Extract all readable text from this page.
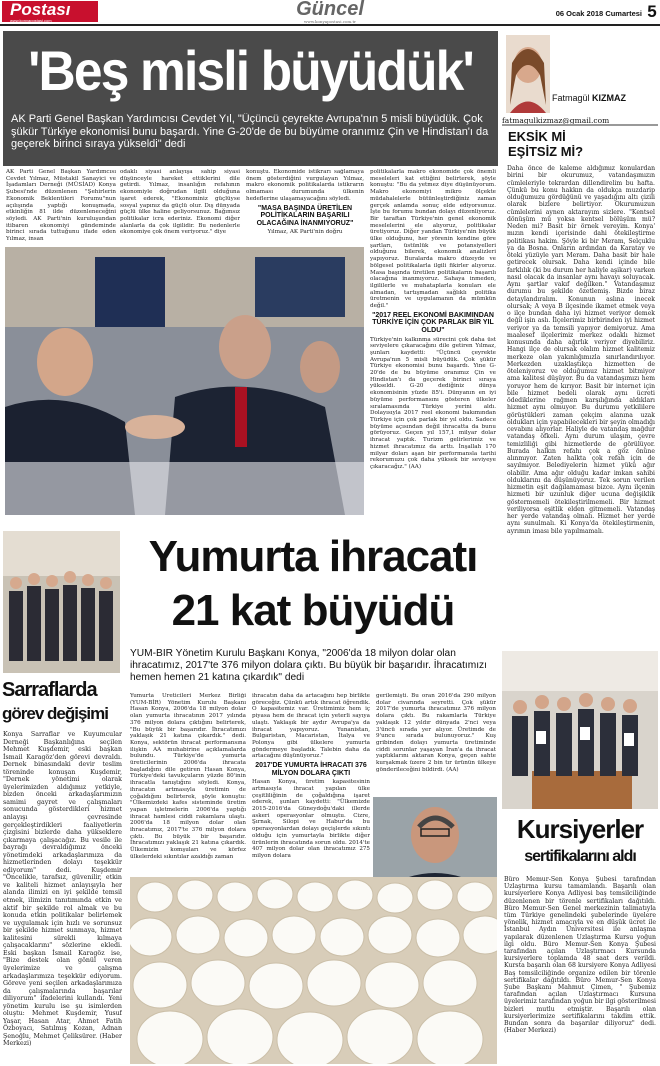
Postası
www.konyapostasi.com
Güncel
www.konyapostasi.com.tr
06 Ocak 2018 Cumartesi 5
'Beş misli büyüdük'
AK Parti Genel Başkan Yardımcısı Cevdet Yıl, "Üçüncü çeyrekte Avrupa'nın 5 misli büyüdük. Çok şükür Türkiye ekonomisi bunu başardı. Yine G-20'de de bu büyüme oranımız Çin ve Hindistan'ı da geçerek birinci sıraya yükseldi" dedi

AK Parti Genel Başkan Yardımcısı Cevdet Yılmaz, Müstakil Sanayici ve İşadamları Derneği (MÜSİAD) Konya Şubesi'nde düzenlenen "Şehirlerin Ekonomik Beklentileri Forumu"nun açılışında yaptığı konuşmada, etkinliğin 81 ilde düzenleneceğini söyledi. AK Parti'nin kuruluşundan itibaren ekonomiyi gündeminde birinci sırada tuttuğunu ifade eden Yılmaz, insan

odaklı siyasi anlayışa sahip siyasi düşünceyle hareket ettiklerini dile getirdi. Yılmaz, insanlığın refahının ekonomiyle doğrudan ilgili olduğuna işaret ederek, "Ekonominiz güçlüyse sosyal yapınız da güçlü olur. Dış dünyada güçlü ülke haline geliyorsunuz. Bağımsız politikalar icra ederiniz. Ekonomi diğer alanlarla da çok ilgilidir. Bu nedenlerle ekonomiye çok önem veriyoruz." diye

konuştu. Ekonomide istikrarı sağlamaya önem gösterdiğini vurgulayan Yılmaz, makro ekonomik politikalarda istikrarın olmaması durumunda ülkenin hedeflerine ulaşamayacağını söyledi.

"MASA BAŞINDA ÜRETİLEN POLİTİKALARIN BAŞARILI OLACAĞINA İNANMIYORUZ"

Yılmaz, AK Parti'nin doğru

politikalarla makro ekonomide çok önemli meseleleri kat ettiğini belirterek, şöyle konuştu: "Bu da yetmez diye düşünüyorum. Makro ekonomiyi mikro ölçekte müdahalelerle bütünleştirdiğiniz zaman gerçek anlamda sonuç elde ediyorsunuz. İşte bu forumu bundan dolayı düzenliyoruz. Bir taraftan Türkiye'nin genel ekonomik meselelerini ele alıyoruz, politikalar üretiyoruz. Diğer yandan Türkiye'nin büyük ülke olduğunu, her yörenin kendine göre şartları, üstünlük ve potansiyelleri olduğunu bilerek, ekonomik analizleri yapıyoruz. Buralarda makro düzeyde ve bölgesel politikalarla ilgili fikirler alıyoruz. Masa başında üretilen politikaların başarılı olacağına inanmıyoruz. Sahaya inmeden, ilgililerle ve muhataplarla konuları ele almadan, tartışmadan sağlıklı politika üretmenin ve uygulamanın da mümkün değil."

"2017 REEL EKONOMİ BAKIMINDAN TÜRKİYE İÇİN ÇOK PARLAK BİR YIL OLDU"

Türkiye'nin kalkınma sürecini çok daha üst seviyelere çıkaracağını dile getiren Yılmaz, şunları kaydetti: "Üçüncü çeyrekte Avrupa'nın 5 misli büyüdük. Çok şükür Türkiye ekonomisi bunu başardı. Yine G-20'de de bu büyüme oranımız Çin ve Hindistan'ı da geçerek birinci sıraya yükseldi. G-20 dediğiniz dünya ekonomisinin yüzde 85'i. Dünyanın en iyi büyüme performansını gösteren ülkeler sıralamasında Türkiye yerini aldı. Dolayısıyla 2017 reel ekonomi bakımından Türkiye için çok parlak bir yıl oldu. Sadece büyüme açısından değil ihracatta da bunu görüyoruz. Geçen yıl 157,1 milyar dolar ihracat yaptık. Turizm gelirlerimiz ve hizmet ihracatımız da arttı. İnşallah 170 milyar doları aşan bir performansla tarihi rekorumuzu çok daha yüksek bir seviyeye çıkaracağız." (AA)

Fatmagül KIZMAZ
fatmagulkizmaz@gmail.com
EKSİK Mİ
EŞİTSİZ Mİ?
Daha önce de kaleme aldığımız konulardan birini bir okurumuz, vatandaşımızın cümleleriyle tekrardan dillendirelim bu hafta. Çünkü bu konu hakkın da oldukça muzdarip olduğumuzu gördüğünü ve yaşadığını altı çizili olarak bizlere belirtiyor. Okurumuzun cümlelerini aynen aktarayım sizlere. "Kentsel dönüşüm mü yoksa kentsel bölüşüm mü? Neden mi? Basit bir örnek vereyim. Konya' mızın kendi içerisinde dahi ötekileştirme politikası hakim. Şöyle ki bir Meram, Selçuklu ya da Bosna. Onların ardından da Karatay ve öteki yüzüyle yarı Meram. Daha basit bir hale getirecek olursak. Daha kendi içinde bile farklılık (ki bu durum her haliyle aşikar) varken nasıl olacak da insanlar aynı havayı soluyacak. Aynı şartlar vakıf değilken." Vatandaşımız durumu bu şekilde özetlemiş. Bizde biraz detaylandıralım. Konunun aslına inecek olursak; A veya B ilçesinde ikamet etmek veya o ilçe bundan daha iyi hizmet veriyor demek değil işin aslı. İlçelerimiz birbirinden iyi hizmet veriyor ya da temsili yapıyor demiyoruz. Ama maalesef ilçelerimiz merkez odaklı hizmet konusunda daha ağırlık veriyor diyebiliriz. Hangi ilçe de olursak olalım hizmet kalitemiz merkeze olan yakınlığımızla sınırlandırılıyor. Merkezden uzaklaştıkça hizmetten de öteleniyoruz ve olduğumuz hizmet bitmiyor ama kalitesi düşüyor. Bu da vatandaşımızı hem yoruyor hem de kırıyor. Basit bir internet için bile hizmet bedeli olarak aynı ücreti ödediklerine rağmen karşılığında aldıkları hizmet aynı olmuyor. Bu durumu yetkililere görüştükleri zaman çekçim alanına uzak oldukları için yapabilecekleri bir şeyin olmadığı cevabını alıyorlar. Haliyle de vatandaş mağdur vatandaş öfkeli. Aynı durum ulaşım, çevre temizliliği gibi hizmetlerde de görülüyor. Burada halkın refahı çok a göz önüne alınmıyor. Zaten halkta çok refah için de sayılmıyor. Belediyelerin hizmet yükü ağır olabilir. Ama ağır olduğu kadar imkan sahibi olduklarını da düşünüyoruz. Tek sorun verilen hizmetin eşit dağılamaması bizce. Aynı ilçenin hizmeti bir uzunluk diğer ucuna değişiklik göstermemeli ötekileştirilmemeli. Bir hizmet veriliyorsa eşitlik elden gitmemeli. Vatandaş her yerde vatandaş olmalı. Hizmet her yerde aynı sunulmalı. Ki Konya'da ötekileştirmenin, ayrımın iması bile yapılmamalı.
Sarraflarda
görev değişimi
Konya Sarraflar ve Kuyumcular Derneği Başkanlığına seçilen Mehmet Kuşdemir, eski başkan İsmail Karagöz'den görevi devraldı. Dernek binasındaki devir teslim töreninde konuşan Kuşdemir, "Dernek yönetimi olarak üyelerimizden aldığımız yetkiyle, bizden önceki arkadaşlarımızın samimi gayret ve çalışmaları sonucunda gösterdikleri hizmet anlayışı çevresinde gerçekleştirdikleri faaliyetlerin çizgisini bizlerde daha yükseklere çıkarmaya çalışacağız. Bu vesile ile bayrağı devraldığımız önceki yönetimdeki arkadaşlarımıza da hizmetlerinden dolayı teşekkür ediyorum" dedi. Kuşdemir "Öncelikle, tarafsız, güvenilir, etkin ve kaliteli hizmet anlayışıyla her alanda ilimizi en iyi şekilde temsil etmek, ilimizin tanıtımında etkin ve aktif bir şekilde rol almak ve bu konuda etkin politikalar belirlemek ve uygulamak için hızlı ve sorunsuz bir şekilde hizmet sunmaya, hizmet kalitesini sürekli kılmaya çalışacaklarını" sözlerine ekledi. Eski başkan İsmail Karagöz ise, "Bize destek olan gönül veren üyelerimize ve çalışma arkadaşlarımıza teşekkür ediyorum. Göreve yeni seçilen arkadaşlarımıza da çalışmalarında başarılar diliyorum" ifadelerini kullandı. Yeni yönetim kurulu ise şu isimlerden oluştu: Mehmet Kuşdemir, Yusuf Yaşar, Hasan Atar, Ahmet Fatih Özboyacı, Satılmış Kozan, Adnan Şenoğlu, Mehmet Çeliksürer. (Haber Merkezi)
Yumurta ihracatı
21 kat büyüdü
YUM-BİR Yönetim Kurulu Başkanı Konya, "2006'da 18 milyon dolar olan ihracatımız, 2017'te 376 milyon dolara çıktı. Bu büyük bir başarıdır. İhracatımızı hemen hemen 21 katına çıkardık" dedi
Yumurta Üreticileri Merkez Birliği (YUM-BİR) Yönetim Kurulu Başkanı Hasan Konya, 2006'da 18 milyon dolar olan yumurta ihracatının 2017 yılında 376 milyon dolara çıktığını belirterek, "Bu büyük bir başarıdır. İhracatımızı yaklaşık 21 katına çıkardık." dedi. Konya, sektörün ihracat performansına ilişkin AA muhabirine açıklamalarda bulundu. Türkiye'de yumurta üreticilerinin 2006'da ihracata başladığını dile getiren Hasan Konya, Türkiye'deki tavukçuların yüzde 80'inin ihracatla tanıştığını söyledi. Konya, ihracatın artmasıyla üretimin de çoğaldığını belirterek, şöyle konuştu: "Ülkemizdeki kafes sisteminde üretim yapan işletmelerin 2006'da yaptığı ihracat hamlesi ciddi rakamlara ulaştı. 2006'da 18 milyon dolar olan ihracatımız, 2017'te 376 milyon dolara çıktı. Bu büyük bir başarıdır. İhracatımızı yaklaşık 21 katına çıkardık. Ülkemizin komşuları ve körfez ülkelerdeki sıkıntılar azaldığı zaman

ihracatın daha da artacağını hep birlikte göreceğiz. Çünkü artık ihracat öğrendik. O kapasitemiz var. Üretimimiz hem iç piyasa hem de ihracat için yeterli sayıya ulaştı. Yaklaşık bir aydır Avrupa'ya da ihracat yapıyoruz. Yunanistan, Bulgaristan, Macaristan, İtalya ve Polonya gibi ülkelere yumurta göndermeye başladık. Talebin daha da artacağını düşünüyoruz."

2017'DE YUMURTA İHRACATI 376 MİLYON DOLARA ÇIKTI

Hasan Konya, üretim kapasitesinin artmasıyla ihracat yapılan ülke çeşitliliğinin de çoğaldığına işaret ederek, şunları kaydetti: "Ülkemizde 2015-2016'da Güneydoğu'daki illerde askeri operasyonlar olmuştu. Cizre, Şırnak, Silopi ve Habur'da bu operasyonlardan dolayı geçişlerde sıkıntı olduğu için yumurtayla birlikte diğer ürünlerin ihracatında sorun oldu. 2014'te 407 milyon dolar olan ihracatımız 275 milyon dolara

gerilemişti. Bu oran 2016'da 290 milyon dolar civarında seyretti. Çok şükür 2017'de yumurta ihracatımız 376 milyon dolara çıktı. Bu rakamlarla Türkiye yaklaşık 12 yıldır dünyada 2'nci veya 3'üncü sırada yer alıyor. Üretimde de 9'uncu sırada bulunuyoruz." Kuş gribinden dolayı yumurta üretiminde ciddi sorunlar yaşayan İran'a da ihracat yaptıklarını aktaran Konya, geçen sahte kurşakmak üzere 2 bin tır ürünün ülkeye gönderileceğini bildirdi. (AA)
Kursiyerler
sertifikalarını aldı
Büro Memur-Sen Konya Şubesi tarafından Uzlaştırma kursu tamamlandı. Başarılı olan kursiyerlere Konya Adliyesi baş temsilciliğinde düzenlenen bir törenle sertifikaları dağıtıldı. Büro Memur-Sen Genel merkezinin talimatıyla tüm Türkiye genelindeki şubelerinde üyelere yönelik, hizmet amacıyla ve en düşük ücret ile İstanbul Aydın Üniversitesi ile anlaşma yapılarak düzenlenen Uzlaştırma Kursu yoğun ilgi oldu. Büro Memur-Sen Konya Şubesi tarafından açılan Uzlaştırmacı Kursunda kursiyerlere toplamda 48 saat ders verildi. Kursta başarılı olan 68 kursiyere Konya Adliyesi Baş temsilciliğinde organize edilen bir törenle sertifikalar dağıtıldı. Büro Memur-Sen Konya Şube Başkanı Mahmut Çimen, " Şubemiz tarafından açılan Uzlaştırmacı Kursuna üyelerimiz tarafından yoğun bir ilgi gösterilmesi bizleri mutlu etmiştir. Başarılı olan kursiyerlerimize sertifikalarını takdim ettik. Bundan sonra da başarılar diliyoruz" dedi. (Haber Merkezi)
